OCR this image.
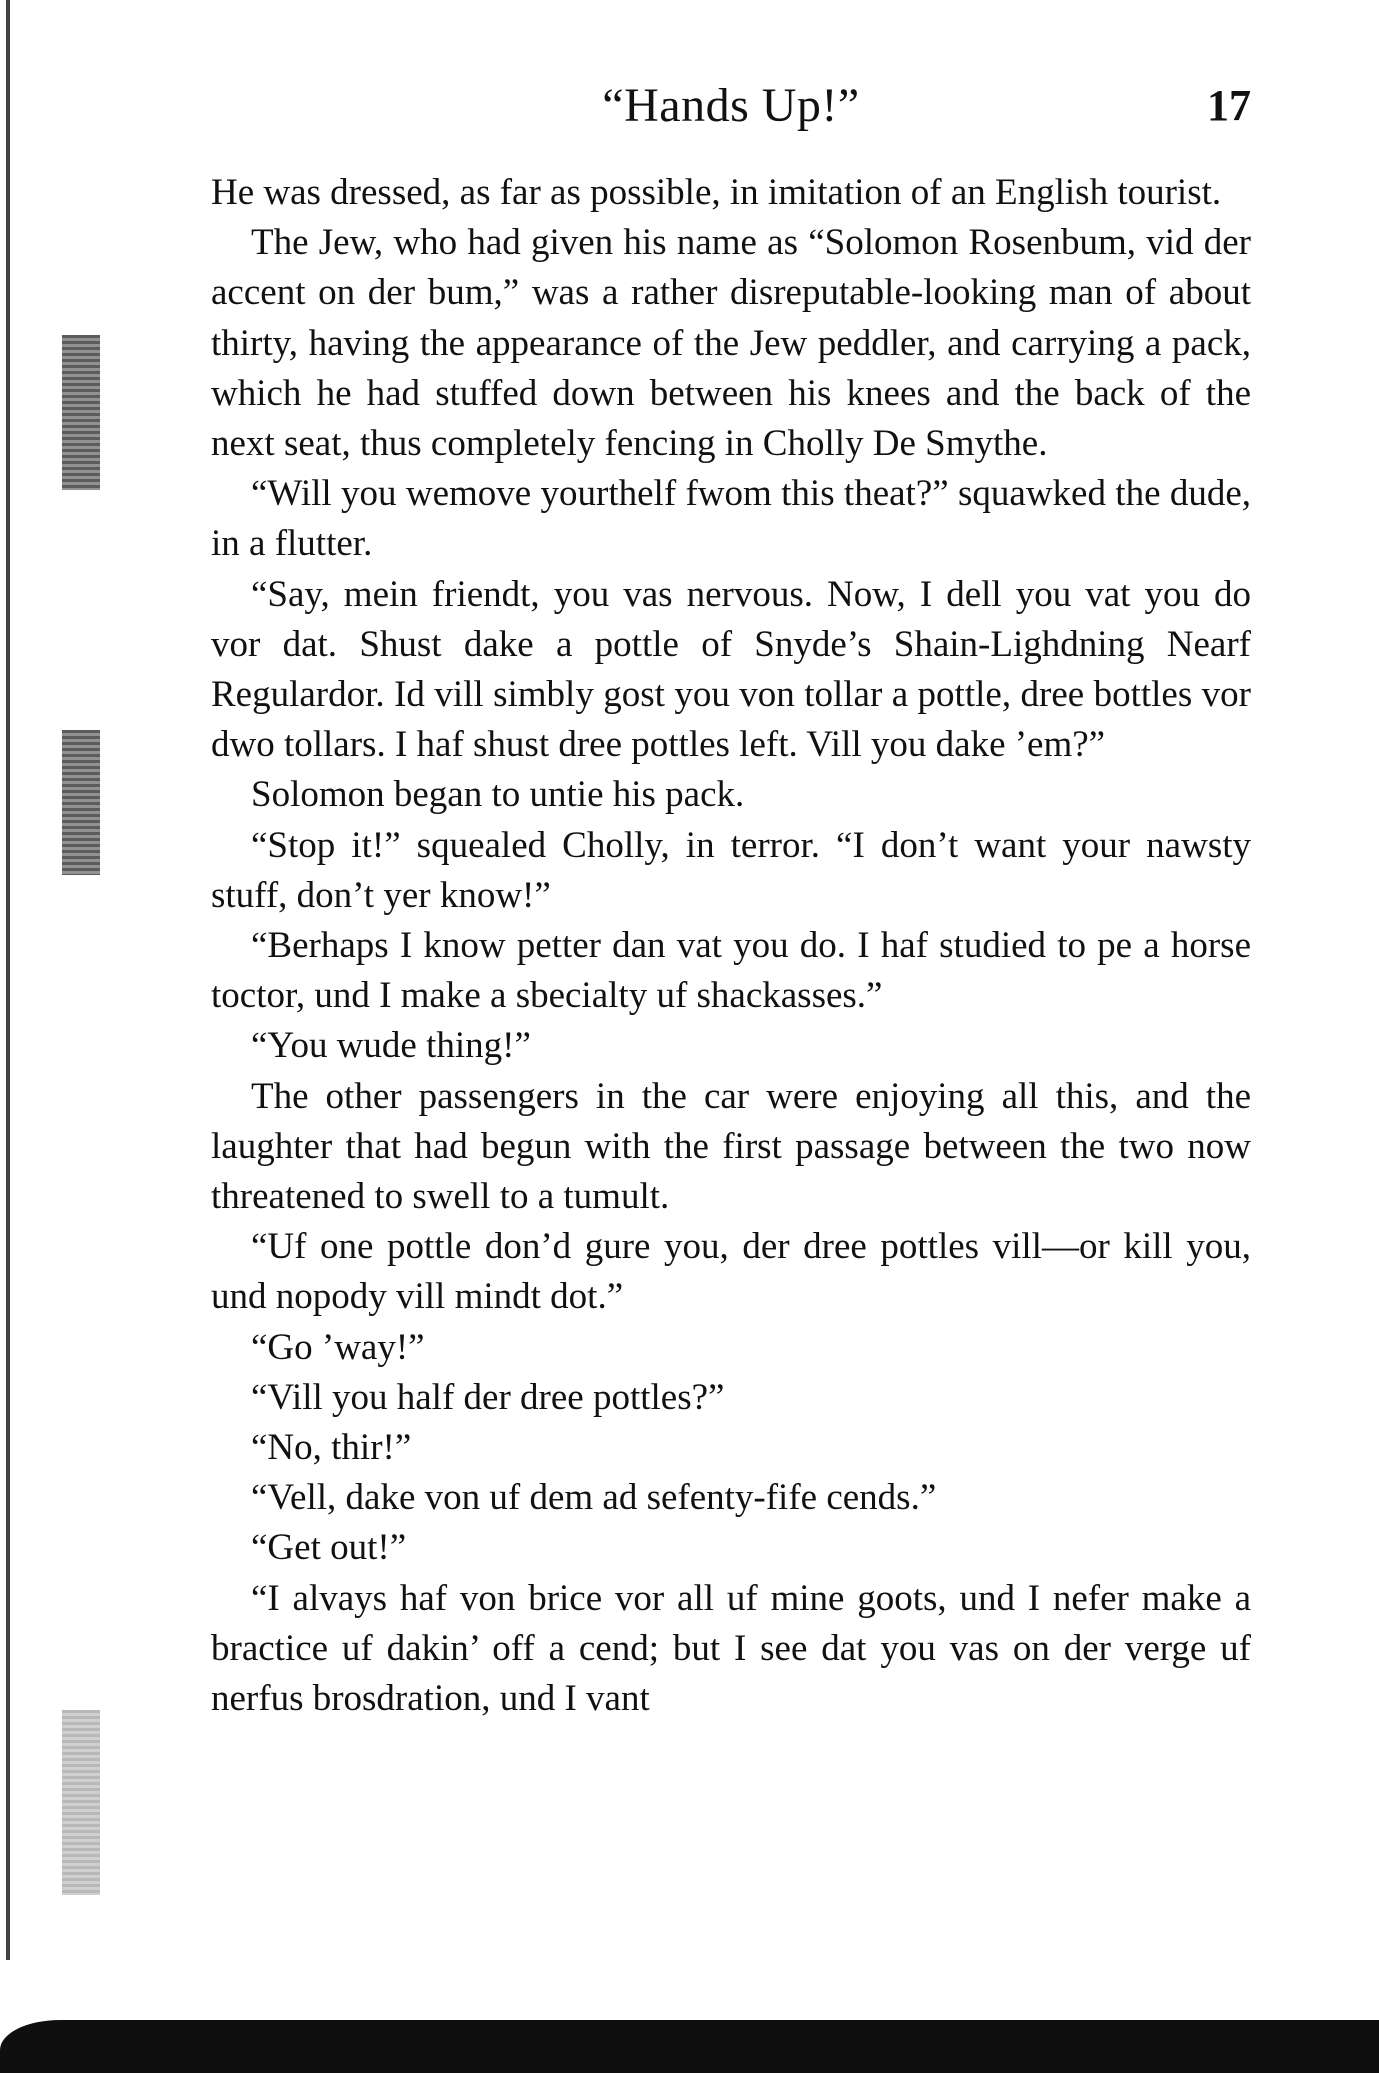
“Hands Up!”	17

He was dressed, as far as possible, in imitation of an English tourist.

The Jew, who had given his name as “Solomon Rosenbum, vid der accent on der bum,” was a rather disreputable-looking man of about thirty, having the appearance of the Jew peddler, and carrying a pack, which he had stuffed down between his knees and the back of the next seat, thus completely fencing in Cholly De Smythe.

“Will you wemove yourthelf fwom this theat?” squawked the dude, in a flutter.

“Say, mein friendt, you vas nervous. Now, I dell you vat you do vor dat. Shust dake a pottle of Snyde’s Shain-Lighdning Nearf Regulardor. Id vill simbly gost you von tollar a pottle, dree bottles vor dwo tollars. I haf shust dree pottles left. Vill you dake ’em?”

Solomon began to untie his pack.

“Stop it!” squealed Cholly, in terror. “I don’t want your nawsty stuff, don’t yer know!”

“Berhaps I know petter dan vat you do. I haf studied to pe a horse toctor, und I make a sbecialty uf shackasses.”

“You wude thing!”

The other passengers in the car were enjoying all this, and the laughter that had begun with the first passage between the two now threatened to swell to a tumult.

“Uf one pottle don’d gure you, der dree pottles vill—or kill you, und nopody vill mindt dot.”

“Go ’way!”

“Vill you half der dree pottles?”

“No, thir!”

“Vell, dake von uf dem ad sefenty-fife cends.”

“Get out!”

“I alvays haf von brice vor all uf mine goots, und I nefer make a bractice uf dakin’ off a cend; but I see dat you vas on der verge uf nerfus brosdration, und I vant
